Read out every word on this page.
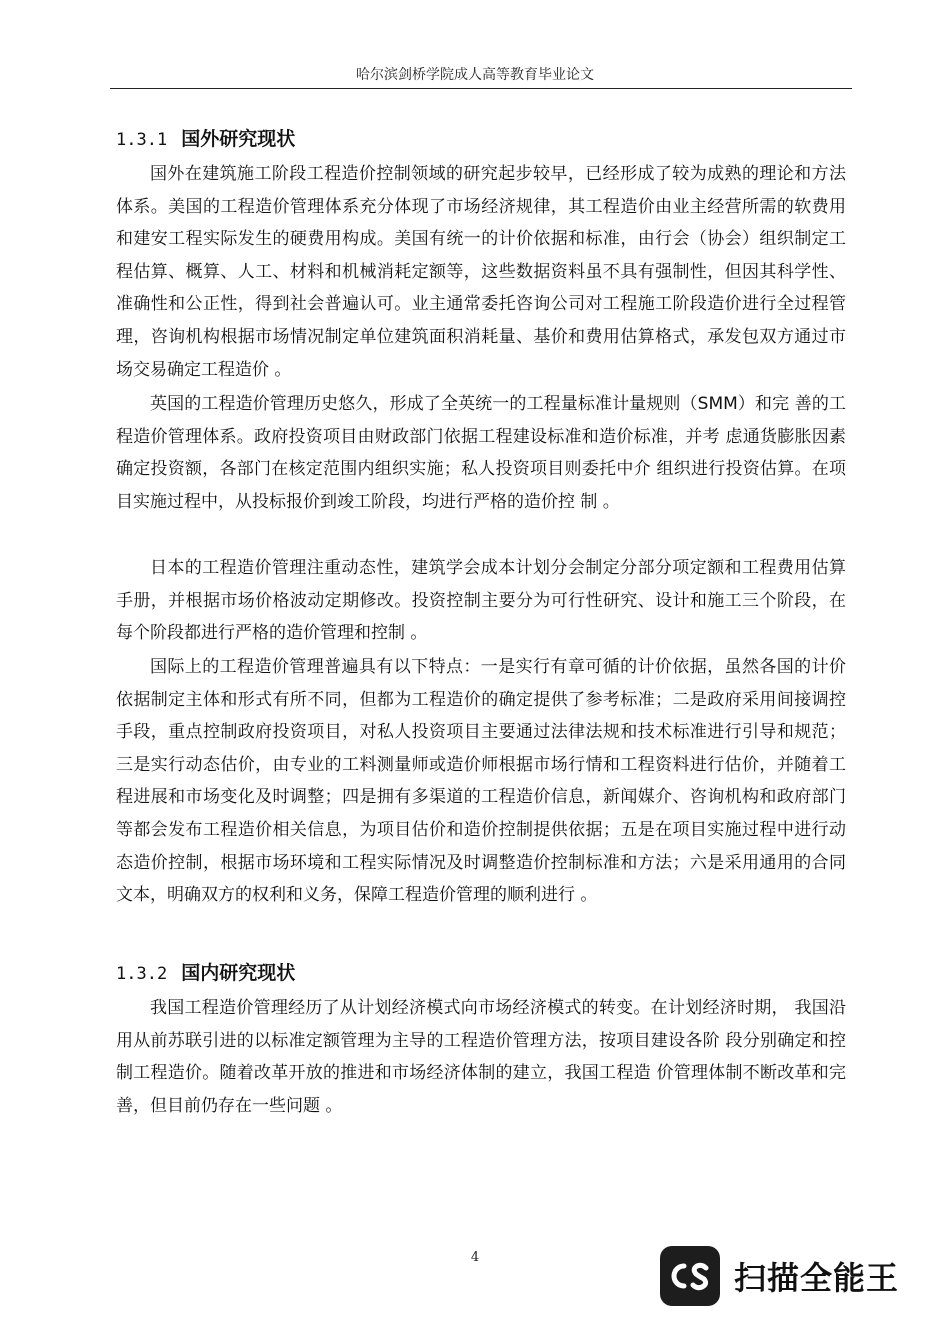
哈尔滨剑桥学院成人高等教育毕业论文
1.3.1 国外研究现状

国外在建筑施工阶段工程造价控制领域的研究起步较早，已经形成了较为成熟的理论和方法体系。美国的工程造价管理体系充分体现了市场经济规律，其工程造价由业主经营所需的软费用和建安工程实际发生的硬费用构成。美国有统一的计价依据和标准，由行会（协会）组织制定工程估算、概算、人工、材料和机械消耗定额等，这些数据资料虽不具有强制性，但因其科学性、准确性和公正性，得到社会普遍认可。业主通常委托咨询公司对工程施工阶段造价进行全过程管理，咨询机构根据市场情况制定单位建筑面积消耗量、基价和费用估算格式，承发包双方通过市场交易确定工程造价 。

英国的工程造价管理历史悠久，形成了全英统一的工程量标准计量规则（SMM）和完 善的工程造价管理体系。政府投资项目由财政部门依据工程建设标准和造价标准，并考 虑通货膨胀因素确定投资额，各部门在核定范围内组织实施；私人投资项目则委托中介 组织进行投资估算。在项目实施过程中，从投标报价到竣工阶段，均进行严格的造价控 制 。

日本的工程造价管理注重动态性，建筑学会成本计划分会制定分部分项定额和工程费用估算手册，并根据市场价格波动定期修改。投资控制主要分为可行性研究、设计和施工三个阶段，在每个阶段都进行严格的造价管理和控制 。

国际上的工程造价管理普遍具有以下特点：一是实行有章可循的计价依据，虽然各国的计价依据制定主体和形式有所不同，但都为工程造价的确定提供了参考标准；二是政府采用间接调控手段，重点控制政府投资项目，对私人投资项目主要通过法律法规和技术标准进行引导和规范；三是实行动态估价，由专业的工料测量师或造价师根据市场行情和工程资料进行估价，并随着工程进展和市场变化及时调整；四是拥有多渠道的工程造价信息，新闻媒介、咨询机构和政府部门等都会发布工程造价相关信息，为项目估价和造价控制提供依据；五是在项目实施过程中进行动态造价控制，根据市场环境和工程实际情况及时调整造价控制标准和方法；六是采用通用的合同文本，明确双方的权利和义务，保障工程造价管理的顺利进行 。

1.3.2 国内研究现状

我国工程造价管理经历了从计划经济模式向市场经济模式的转变。在计划经济时期， 我国沿用从前苏联引进的以标准定额管理为主导的工程造价管理方法，按项目建设各阶 段分别确定和控制工程造价。随着改革开放的推进和市场经济体制的建立，我国工程造 价管理体制不断改革和完善，但目前仍存在一些问题 。

4
扫描全能王
